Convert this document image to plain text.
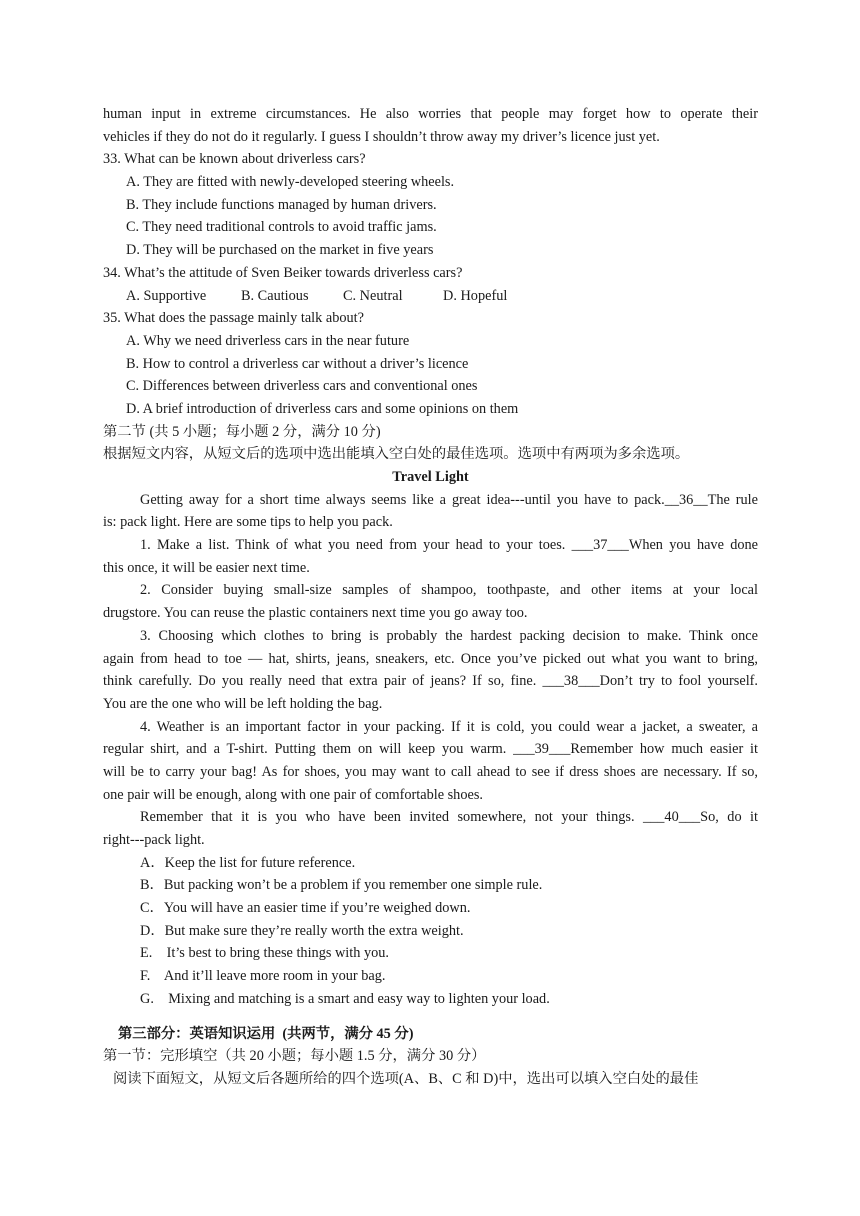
human input in extreme circumstances. He also worries that people may forget how to operate their
vehicles if they do not do it regularly. I guess I shouldn’t throw away my driver’s licence just yet.
33. What can be known about driverless cars?
A. They are fitted with newly-developed steering wheels.
B. They include functions managed by human drivers.
C. They need traditional controls to avoid traffic jams.
D. They will be purchased on the market in five years
34. What’s the attitude of Sven Beiker towards driverless cars?
A. Supportive B. Cautious C. Neutral	D. Hopeful
35. What does the passage mainly talk about?
A. Why we need driverless cars in the near future
B. How to control a driverless car without a driver’s licence
C. Differences between driverless cars and conventional ones
D. A brief introduction of driverless cars and some opinions on them
第二节 (共 5 小题；每小题 2 分，满分 10 分)
根据短文内容，从短文后的选项中选出能填入空白处的最佳选项。选项中有两项为多余选项。
Travel Light
Getting away for a short time always seems like a great idea---until you have to pack.__36__The rule
is: pack light. Here are some tips to help you pack.
1. Make a list. Think of what you need from your head to your toes. ___37___When you have done
this once, it will be easier next time.
2. Consider buying small-size samples of shampoo, toothpaste, and other items at your local
drugstore. You can reuse the plastic containers next time you go away too.
3. Choosing which clothes to bring is probably the hardest packing decision to make. Think once
again from head to toe — hat, shirts, jeans, sneakers, etc. Once you’ve picked out what you want to bring,
think carefully. Do you really need that extra pair of jeans? If so, fine. ___38___Don’t try to fool yourself.
You are the one who will be left holding the bag.
4. Weather is an important factor in your packing. If it is cold, you could wear a jacket, a sweater, a
regular shirt, and a T-shirt. Putting them on will keep you warm. ___39___Remember how much easier it
will be to carry your bag! As for shoes, you may want to call ahead to see if dress shoes are necessary. If so,
one pair will be enough, along with one pair of comfortable shoes.
Remember that it is you who have been invited somewhere, not your things. ___40___So, do it
right---pack light.
A．Keep the list for future reference.
B．But packing won’t be a problem if you remember one simple rule.
C．You will have an easier time if you’re weighed down.
D．But make sure they’re really worth the extra weight.
E.    It’s best to bring these things with you.
F.    And it’ll leave more room in your bag.
G.    Mixing and matching is a smart and easy way to lighten your load.
第三部分：英语知识运用  (共两节，满分 45 分)
第一节：完形填空（共 20 小题；每小题 1.5 分，满分 30 分）
阅读下面短文，从短文后各题所给的四个选项(A、B、C 和 D)中，选出可以填入空白处的最佳
